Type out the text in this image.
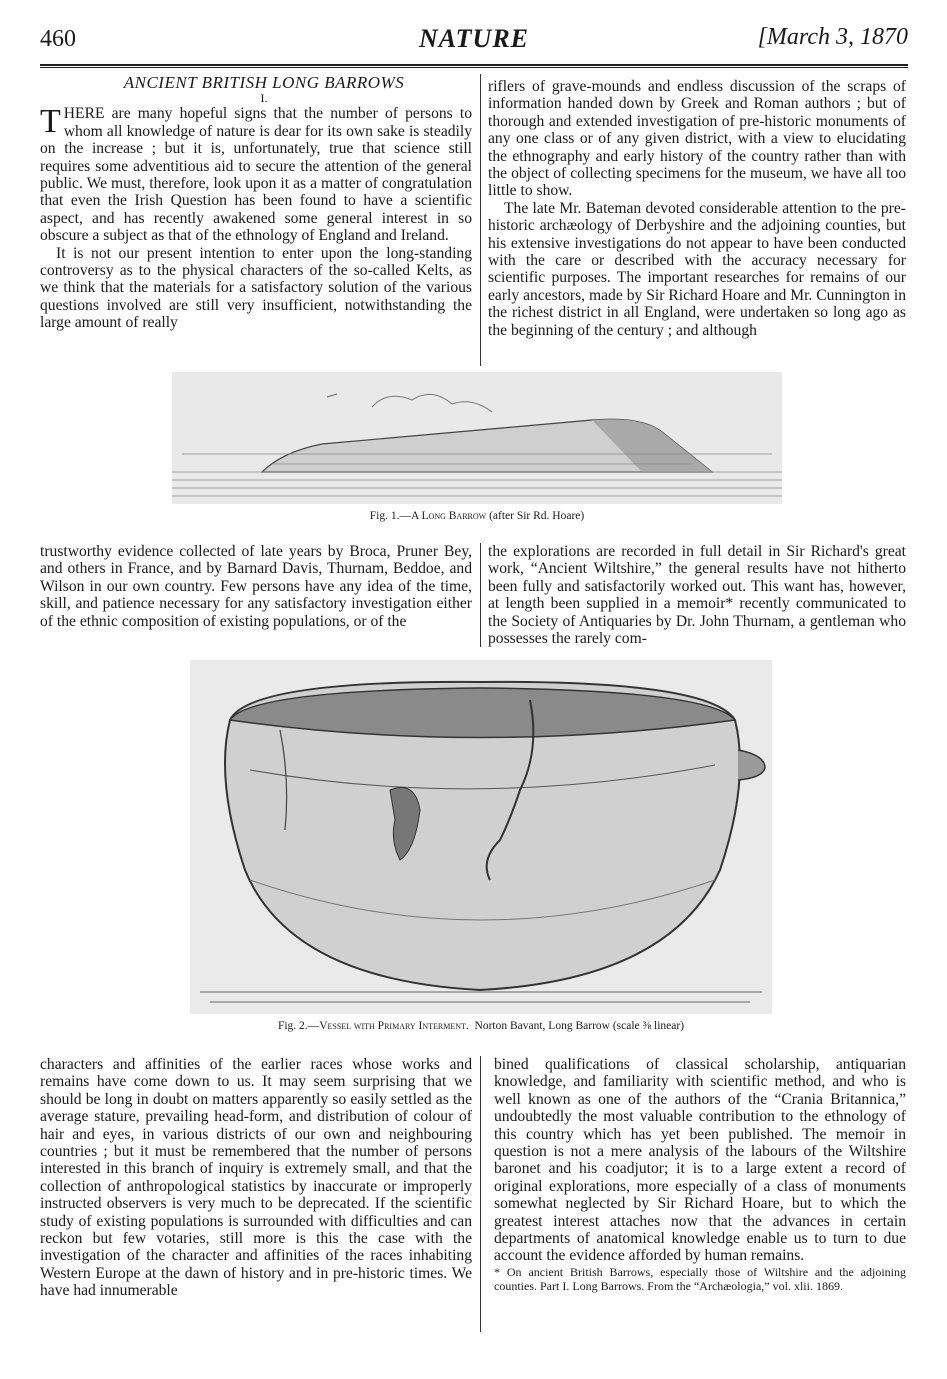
460	NATURE	[March 3, 1870

ANCIENT BRITISH LONG BARROWS

I.

THERE are many hopeful signs that the number of persons to whom all knowledge of nature is dear for its own sake is steadily on the increase ; but it is, unfortunately, true that science still requires some adventitious aid to secure the attention of the general public. We must, therefore, look upon it as a matter of congratulation that even the Irish Question has been found to have a scientific aspect, and has recently awakened some general interest in so obscure a subject as that of the ethnology of England and Ireland.

It is not our present intention to enter upon the long-standing controversy as to the physical characters of the so-called Kelts, as we think that the materials for a satisfactory solution of the various questions involved are still very insufficient, notwithstanding the large amount of really

riflers of grave-mounds and endless discussion of the scraps of information handed down by Greek and Roman authors ; but of thorough and extended investigation of pre-historic monuments of any one class or of any given district, with a view to elucidating the ethnography and early history of the country rather than with the object of collecting specimens for the museum, we have all too little to show.

The late Mr. Bateman devoted considerable attention to the pre-historic archæology of Derbyshire and the adjoining counties, but his extensive investigations do not appear to have been conducted with the care or described with the accuracy necessary for scientific purposes. The important researches for remains of our early ancestors, made by Sir Richard Hoare and Mr. Cunnington in the richest district in all England, were undertaken so long ago as the beginning of the century ; and although

Fig. 1.—A Long Barrow (after Sir Rd. Hoare)

trustworthy evidence collected of late years by Broca, Pruner Bey, and others in France, and by Barnard Davis, Thurnam, Beddoe, and Wilson in our own country. Few persons have any idea of the time, skill, and patience necessary for any satisfactory investigation either of the ethnic composition of existing populations, or of the

the explorations are recorded in full detail in Sir Richard's great work, “Ancient Wiltshire,” the general results have not hitherto been fully and satisfactorily worked out. This want has, however, at length been supplied in a memoir* recently communicated to the Society of Antiquaries by Dr. John Thurnam, a gentleman who possesses the rarely com-

Fig. 2.—Vessel with Primary Interment. Norton Bavant, Long Barrow (scale ⅜ linear)

characters and affinities of the earlier races whose works and remains have come down to us. It may seem surprising that we should be long in doubt on matters apparently so easily settled as the average stature, prevailing head-form, and distribution of colour of hair and eyes, in various districts of our own and neighbouring countries ; but it must be remembered that the number of persons interested in this branch of inquiry is extremely small, and that the collection of anthropological statistics by inaccurate or improperly instructed observers is very much to be deprecated. If the scientific study of existing populations is surrounded with difficulties and can reckon but few votaries, still more is this the case with the investigation of the character and affinities of the races inhabiting Western Europe at the dawn of history and in pre-historic times. We have had innumerable

bined qualifications of classical scholarship, antiquarian knowledge, and familiarity with scientific method, and who is well known as one of the authors of the “Crania Britannica,” undoubtedly the most valuable contribution to the ethnology of this country which has yet been published. The memoir in question is not a mere analysis of the labours of the Wiltshire baronet and his coadjutor; it is to a large extent a record of original explorations, more especially of a class of monuments somewhat neglected by Sir Richard Hoare, but to which the greatest interest attaches now that the advances in certain departments of anatomical knowledge enable us to turn to due account the evidence afforded by human remains.

* On ancient British Barrows, especially those of Wiltshire and the adjoining counties. Part I. Long Barrows. From the “Archæologia,” vol. xlii. 1869.
